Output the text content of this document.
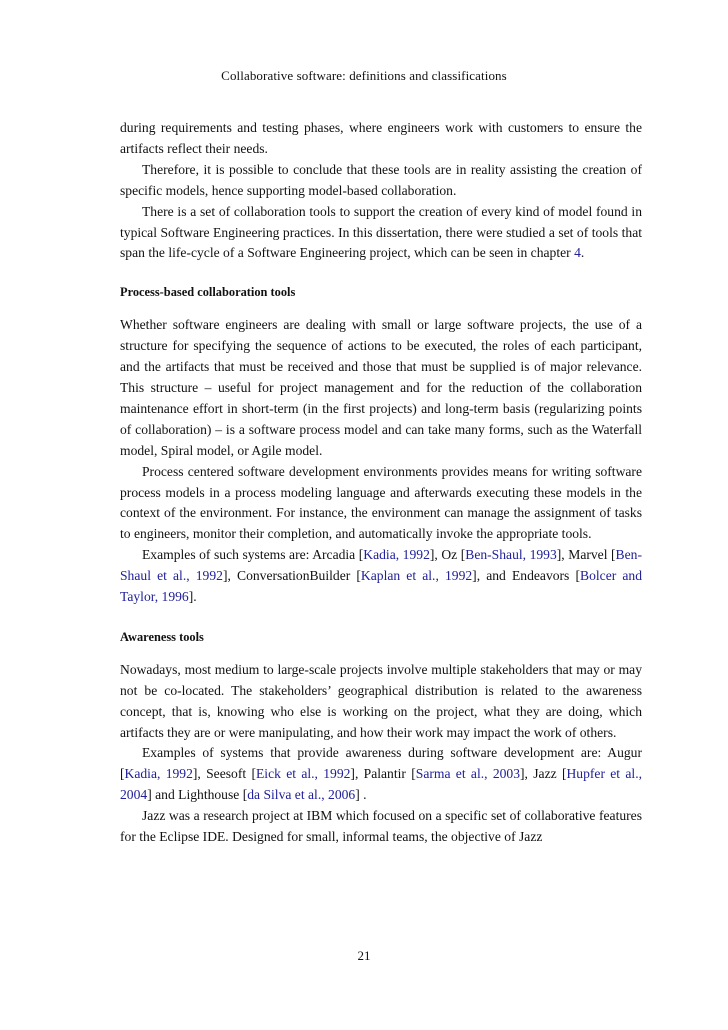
Collaborative software: definitions and classifications

during requirements and testing phases, where engineers work with customers to ensure the artifacts reflect their needs.

Therefore, it is possible to conclude that these tools are in reality assisting the creation of specific models, hence supporting model-based collaboration.

There is a set of collaboration tools to support the creation of every kind of model found in typical Software Engineering practices. In this dissertation, there were studied a set of tools that span the life-cycle of a Software Engineering project, which can be seen in chapter 4.

Process-based collaboration tools

Whether software engineers are dealing with small or large software projects, the use of a structure for specifying the sequence of actions to be executed, the roles of each participant, and the artifacts that must be received and those that must be supplied is of major relevance. This structure – useful for project management and for the reduction of the collaboration maintenance effort in short-term (in the first projects) and long-term basis (regularizing points of collaboration) – is a software process model and can take many forms, such as the Waterfall model, Spiral model, or Agile model.

Process centered software development environments provides means for writing software process models in a process modeling language and afterwards executing these models in the context of the environment. For instance, the environment can manage the assignment of tasks to engineers, monitor their completion, and automatically invoke the appropriate tools.

Examples of such systems are: Arcadia [Kadia, 1992], Oz [Ben-Shaul, 1993], Marvel [Ben-Shaul et al., 1992], ConversationBuilder [Kaplan et al., 1992], and Endeavors [Bolcer and Taylor, 1996].

Awareness tools

Nowadays, most medium to large-scale projects involve multiple stakeholders that may or may not be co-located. The stakeholders’ geographical distribution is related to the awareness concept, that is, knowing who else is working on the project, what they are doing, which artifacts they are or were manipulating, and how their work may impact the work of others.

Examples of systems that provide awareness during software development are: Augur [Kadia, 1992], Seesoft [Eick et al., 1992], Palantir [Sarma et al., 2003], Jazz [Hupfer et al., 2004] and Lighthouse [da Silva et al., 2006] .

Jazz was a research project at IBM which focused on a specific set of collaborative features for the Eclipse IDE. Designed for small, informal teams, the objective of Jazz

21
